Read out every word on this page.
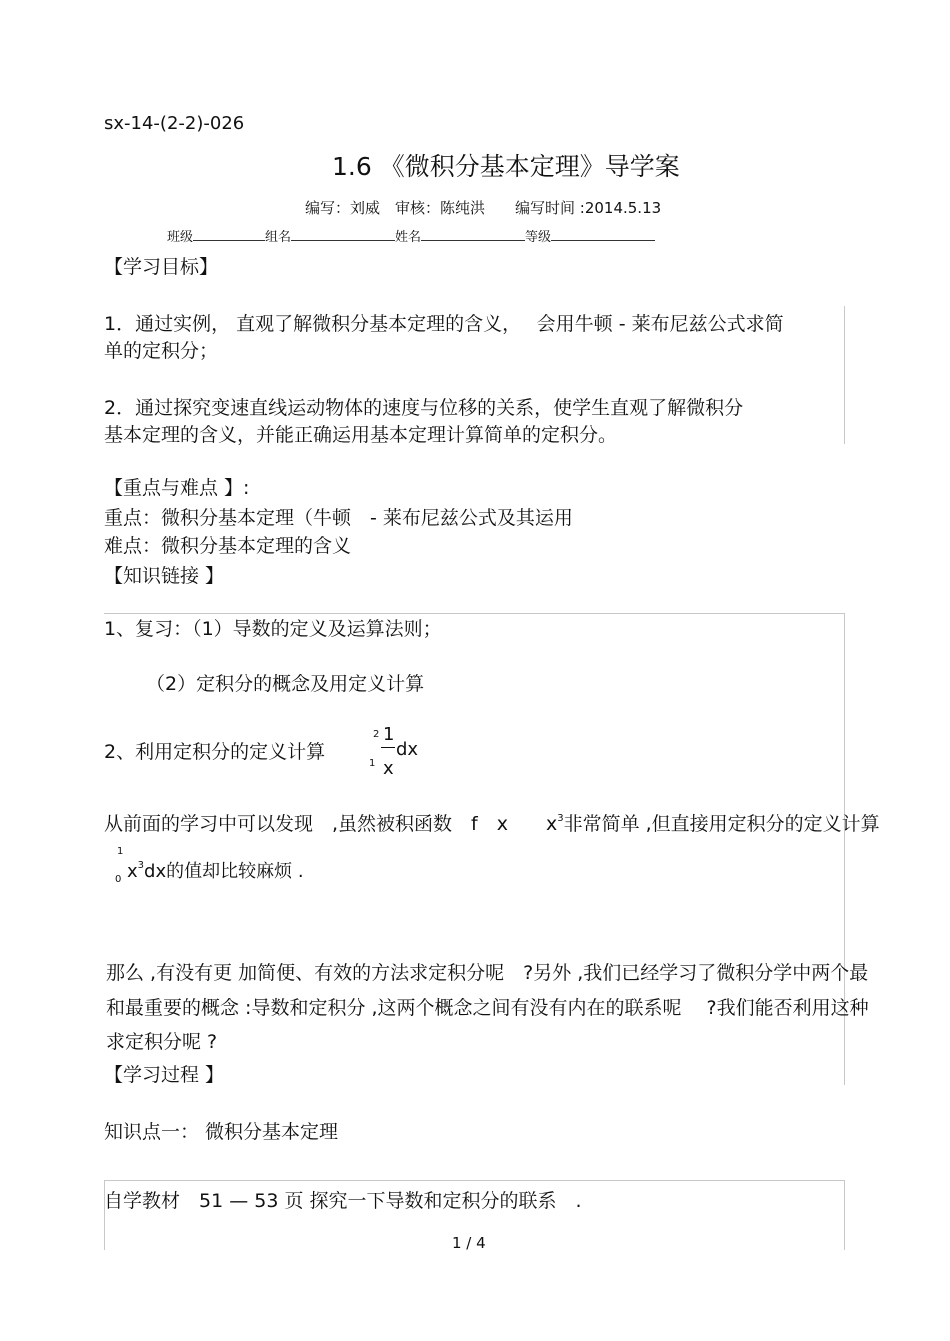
sx-14-(2-2)-026
1.6 《微积分基本定理》导学案
编写：刘威　审核：陈纯洪　　编写时间 :2014.5.13
班级	组名	姓名	等级
【学习目标】
1．通过实例， 直观了解微积分基本定理的含义，　 会用牛顿 - 莱布尼兹公式求简
单的定积分；
2．通过探究变速直线运动物体的速度与位移的关系，使学生直观了解微积分
基本定理的含义，并能正确运用基本定理计算简单的定积分。
【重点与难点 】:
重点：微积分基本定理（牛顿　- 莱布尼兹公式及其运用
难点：微积分基本定理的含义
【知识链接 】
1、复习：（1）导数的定义及运算法则；
（2）定积分的概念及用定义计算
2、利用定积分的定义计算
2
1
1
x
dx
从前面的学习中可以发现　,虽然被积函数　f　x　　$x^3$非常简单 ,但直接用定积分的定义计算
1
0 $x^3dx$的值却比较麻烦 .
那么 ,有没有更 加简便、有效的方法求定积分呢　?另外 ,我们已经学习了微积分学中两个最
和最重要的概念 :导数和定积分 ,这两个概念之间有没有内在的联系呢　 ?我们能否利用这种
求定积分呢 ?
【学习过程 】
知识点一： 微积分基本定理
自学教材　51 — 53 页 探究一下导数和定积分的联系　.
1 / 4
